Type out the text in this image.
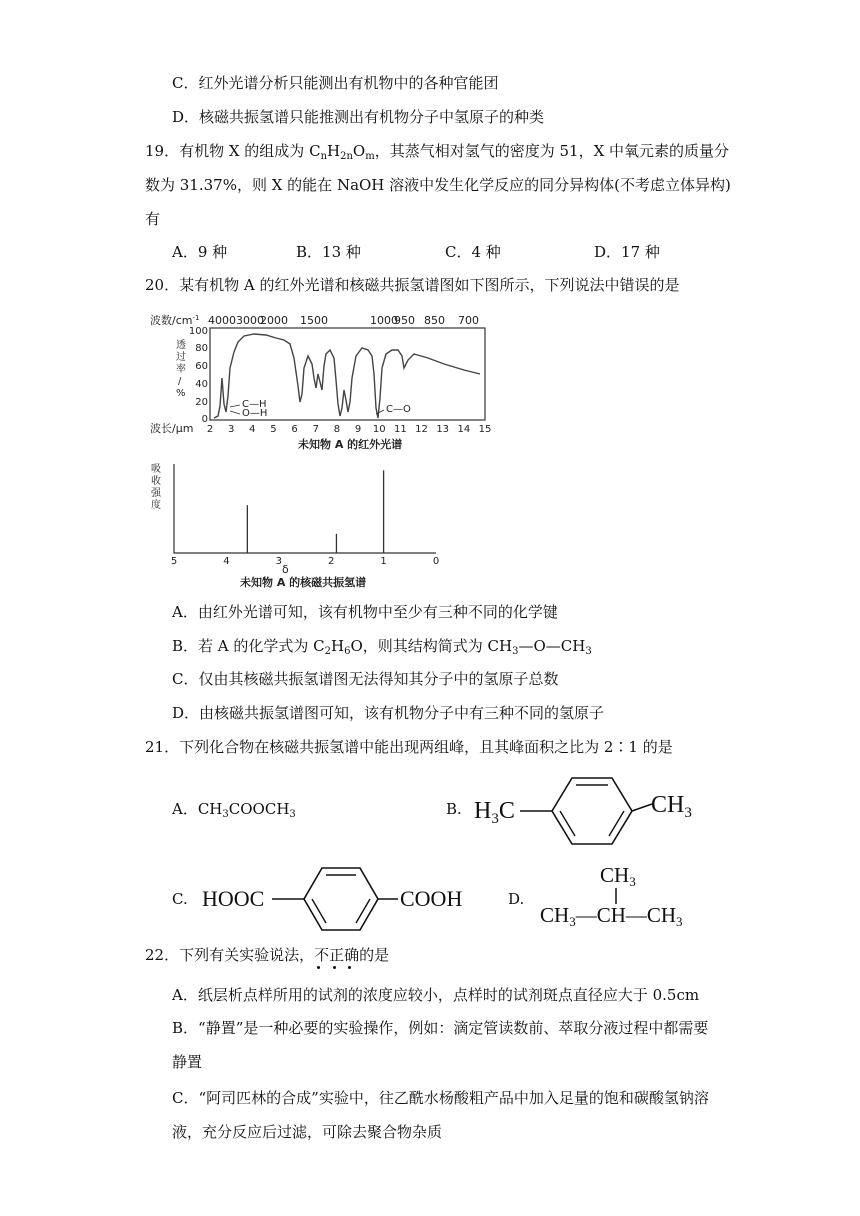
C．红外光谱分析只能测出有机物中的各种官能团
D．核磁共振氢谱只能推测出有机物分子中氢原子的种类
19．有机物 X 的组成为 $C_nH_{2n}O_m$，其蒸气相对氢气的密度为 51，X 中氧元素的质量分
数为 31.37%，则 X 的能在 NaOH 溶液中发生化学反应的同分异构体(不考虑立体异构)
有
A．9 种	B．13 种	C．4 种	D．17 种
20．某有机物 A 的红外光谱和核磁共振氢谱图如下图所示，下列说法中错误的是
波数$/cm^{-1}$ 40003000
2000 1500	1000
950 850 700
透
过
率
/
%
100
80
60
40
20
0
C—H
O—H	C—O
波长/μm 2 3 4 5 6 7 8 9 10 11 12 13 14 15
未知物 A 的红外光谱
吸
收
强
度
5	4	3	2	1	0
δ
未知物 A 的核磁共振氢谱
A．由红外光谱可知，该有机物中至少有三种不同的化学键
B．若 A 的化学式为 $C_2H_6O$，则其结构简式为 $CH_3—O—CH_3$
C．仅由其核磁共振氢谱图无法得知其分子中的氢原子总数
D．由核磁共振氢谱图可知，该有机物分子中有三种不同的氢原子
21．下列化合物在核磁共振氢谱中能出现两组峰，且其峰面积之比为 2∶1 的是
A．$CH_3COOCH_3$	B. $H_3C$	$CH_3$
C. HOOC	COOH	D.
CH3
CH3—CH—CH3
22．下列有关实验说法，不正确的是
A．纸层析点样所用的试剂的浓度应较小，点样时的试剂斑点直径应大于 0.5cm
B．“静置”是一种必要的实验操作，例如：滴定管读数前、萃取分液过程中都需要
静置
C．“阿司匹林的合成”实验中，往乙酰水杨酸粗产品中加入足量的饱和碳酸氢钠溶
液，充分反应后过滤，可除去聚合物杂质
